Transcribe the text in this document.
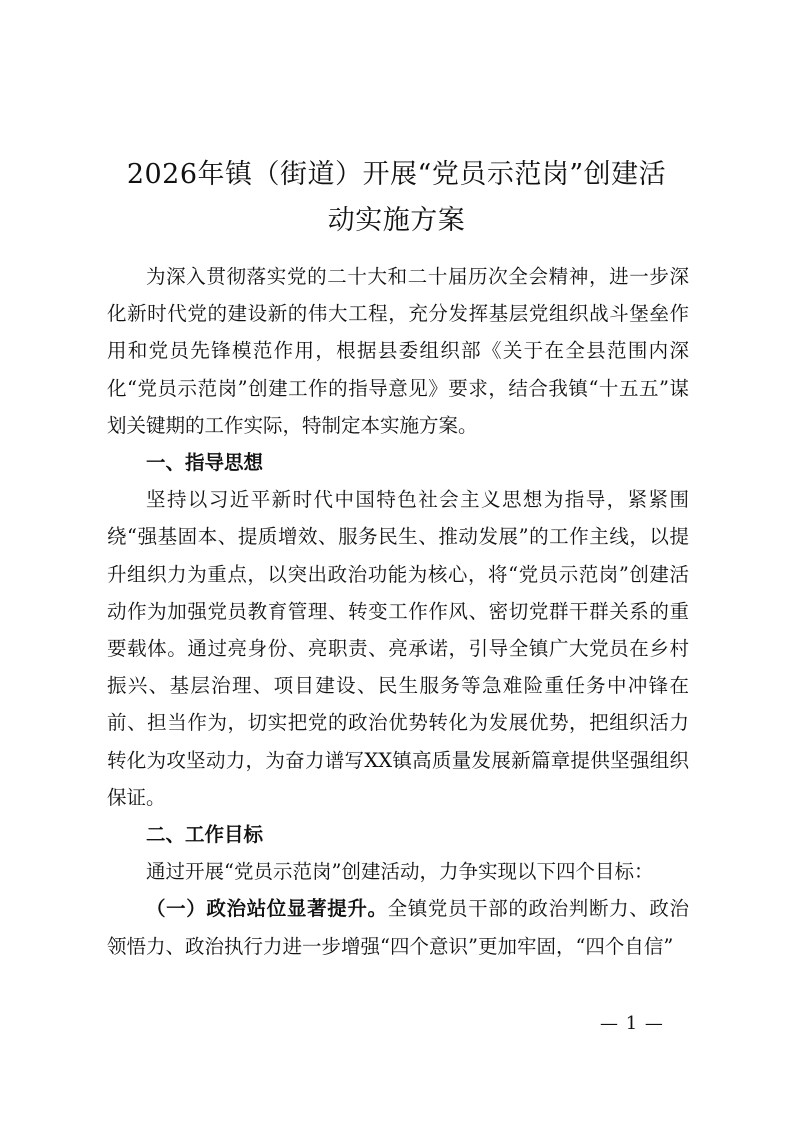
2026年镇（街道）开展“党员示范岗”创建活
动实施方案

为深入贯彻落实党的二十大和二十届历次全会精神，进一步深化新时代党的建设新的伟大工程，充分发挥基层党组织战斗堡垒作用和党员先锋模范作用，根据县委组织部《关于在全县范围内深化“党员示范岗”创建工作的指导意见》要求，结合我镇“十五五”谋划关键期的工作实际，特制定本实施方案。

一、指导思想

坚持以习近平新时代中国特色社会主义思想为指导，紧紧围绕“强基固本、提质增效、服务民生、推动发展”的工作主线，以提升组织力为重点，以突出政治功能为核心，将“党员示范岗”创建活动作为加强党员教育管理、转变工作作风、密切党群干群关系的重要载体。通过亮身份、亮职责、亮承诺，引导全镇广大党员在乡村振兴、基层治理、项目建设、民生服务等急难险重任务中冲锋在前、担当作为，切实把党的政治优势转化为发展优势，把组织活力转化为攻坚动力，为奋力谱写XX镇高质量发展新篇章提供坚强组织保证。

二、工作目标

通过开展“党员示范岗”创建活动，力争实现以下四个目标：

（一）政治站位显著提升。全镇党员干部的政治判断力、政治领悟力、政治执行力进一步增强“四个意识”更加牢固，“四个自信”

— 1 —
